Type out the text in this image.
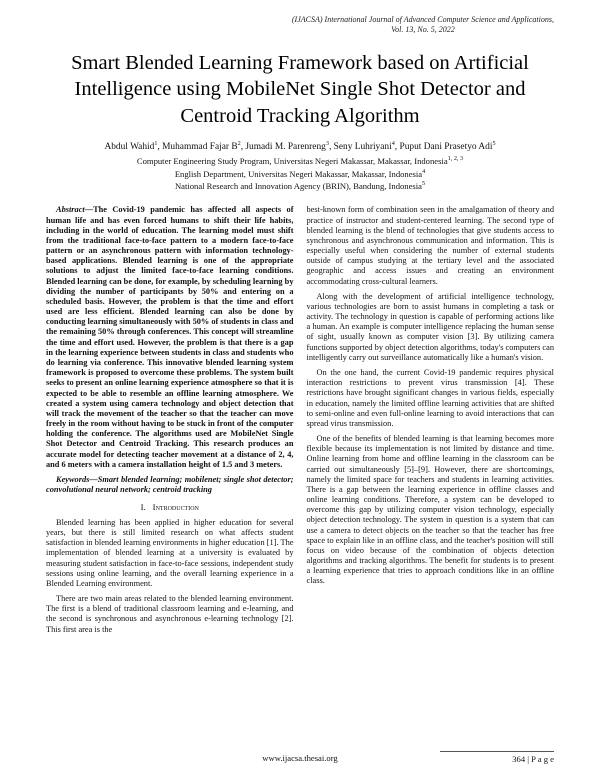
(IJACSA) International Journal of Advanced Computer Science and Applications,
Vol. 13, No. 5, 2022
Smart Blended Learning Framework based on Artificial Intelligence using MobileNet Single Shot Detector and Centroid Tracking Algorithm
Abdul Wahid$^1$, Muhammad Fajar $B^2$, Jumadi M. Parenreng$^3$, Seny Luhriyani$^4$, Puput Dani Prasetyo Adi$^5$
Computer Engineering Study Program, Universitas Negeri Makassar, Makassar, Indonesia$^{1, 2, 3}$
English Department, Universitas Negeri Makassar, Makassar, Indonesia$^4$
National Research and Innovation Agency (BRIN), Bandung, Indonesia$^5$

Abstract—The Covid-19 pandemic has affected all aspects of human life and has even forced humans to shift their life habits, including in the world of education. The learning model must shift from the traditional face-to-face pattern to a modern face-to-face pattern or an asynchronous pattern with information technology-based applications. Blended learning is one of the appropriate solutions to adjust the limited face-to-face learning conditions. Blended learning can be done, for example, by scheduling learning by dividing the number of participants by 50% and entering on a scheduled basis. However, the problem is that the time and effort used are less efficient. Blended learning can also be done by conducting learning simultaneously with 50% of students in class and the remaining 50% through conferences. This concept will streamline the time and effort used. However, the problem is that there is a gap in the learning experience between students in class and students who do learning via conference. This innovative blended learning system framework is proposed to overcome these problems. The system built seeks to present an online learning experience atmosphere so that it is expected to be able to resemble an offline learning atmosphere. We created a system using camera technology and object detection that will track the movement of the teacher so that the teacher can move freely in the room without having to be stuck in front of the computer holding the conference. The algorithms used are MobileNet Single Shot Detector and Centroid Tracking. This research produces an accurate model for detecting teacher movement at a distance of 2, 4, and 6 meters with a camera installation height of 1.5 and 3 meters.

Keywords—Smart blended learning; mobilenet; single shot detector; convolutional neural network; centroid tracking

I. Introduction

Blended learning has been applied in higher education for several years, but there is still limited research on what affects student satisfaction in blended learning environments in higher education [1]. The implementation of blended learning at a university is evaluated by measuring student satisfaction in face-to-face sessions, independent study sessions using online learning, and the overall learning experience in a Blended Learning environment.

There are two main areas related to the blended learning environment. The first is a blend of traditional classroom learning and e-learning, and the second is synchronous and asynchronous e-learning technology [2]. This first area is the

best-known form of combination seen in the amalgamation of theory and practice of instructor and student-centered learning. The second type of blended learning is the blend of technologies that give students access to synchronous and asynchronous communication and information. This is especially useful when considering the number of external students outside of campus studying at the tertiary level and the associated geographic and access issues and creating an environment accommodating cross-cultural learners.

Along with the development of artificial intelligence technology, various technologies are born to assist humans in completing a task or activity. The technology in question is capable of performing actions like a human. An example is computer intelligence replacing the human sense of sight, usually known as computer vision [3]. By utilizing camera functions supported by object detection algorithms, today's computers can intelligently carry out surveillance automatically like a human's vision.

On the one hand, the current Covid-19 pandemic requires physical interaction restrictions to prevent virus transmission [4]. These restrictions have brought significant changes in various fields, especially in education, namely the limited offline learning activities that are shifted to semi-online and even full-online learning to avoid interactions that can spread virus transmission.

One of the benefits of blended learning is that learning becomes more flexible because its implementation is not limited by distance and time. Online learning from home and offline learning in the classroom can be carried out simultaneously [5]–[9]. However, there are shortcomings, namely the limited space for teachers and students in learning activities. There is a gap between the learning experience in offline classes and online learning conditions. Therefore, a system can be developed to overcome this gap by utilizing computer vision technology, especially object detection technology. The system in question is a system that can use a camera to detect objects on the teacher so that the teacher has free space to explain like in an offline class, and the teacher's position will still focus on video because of the combination of objects detection algorithms and tracking algorithms. The benefit for students is to present a learning experience that tries to approach conditions like in an offline class.

www.ijacsa.thesai.org	364 | P a g e
